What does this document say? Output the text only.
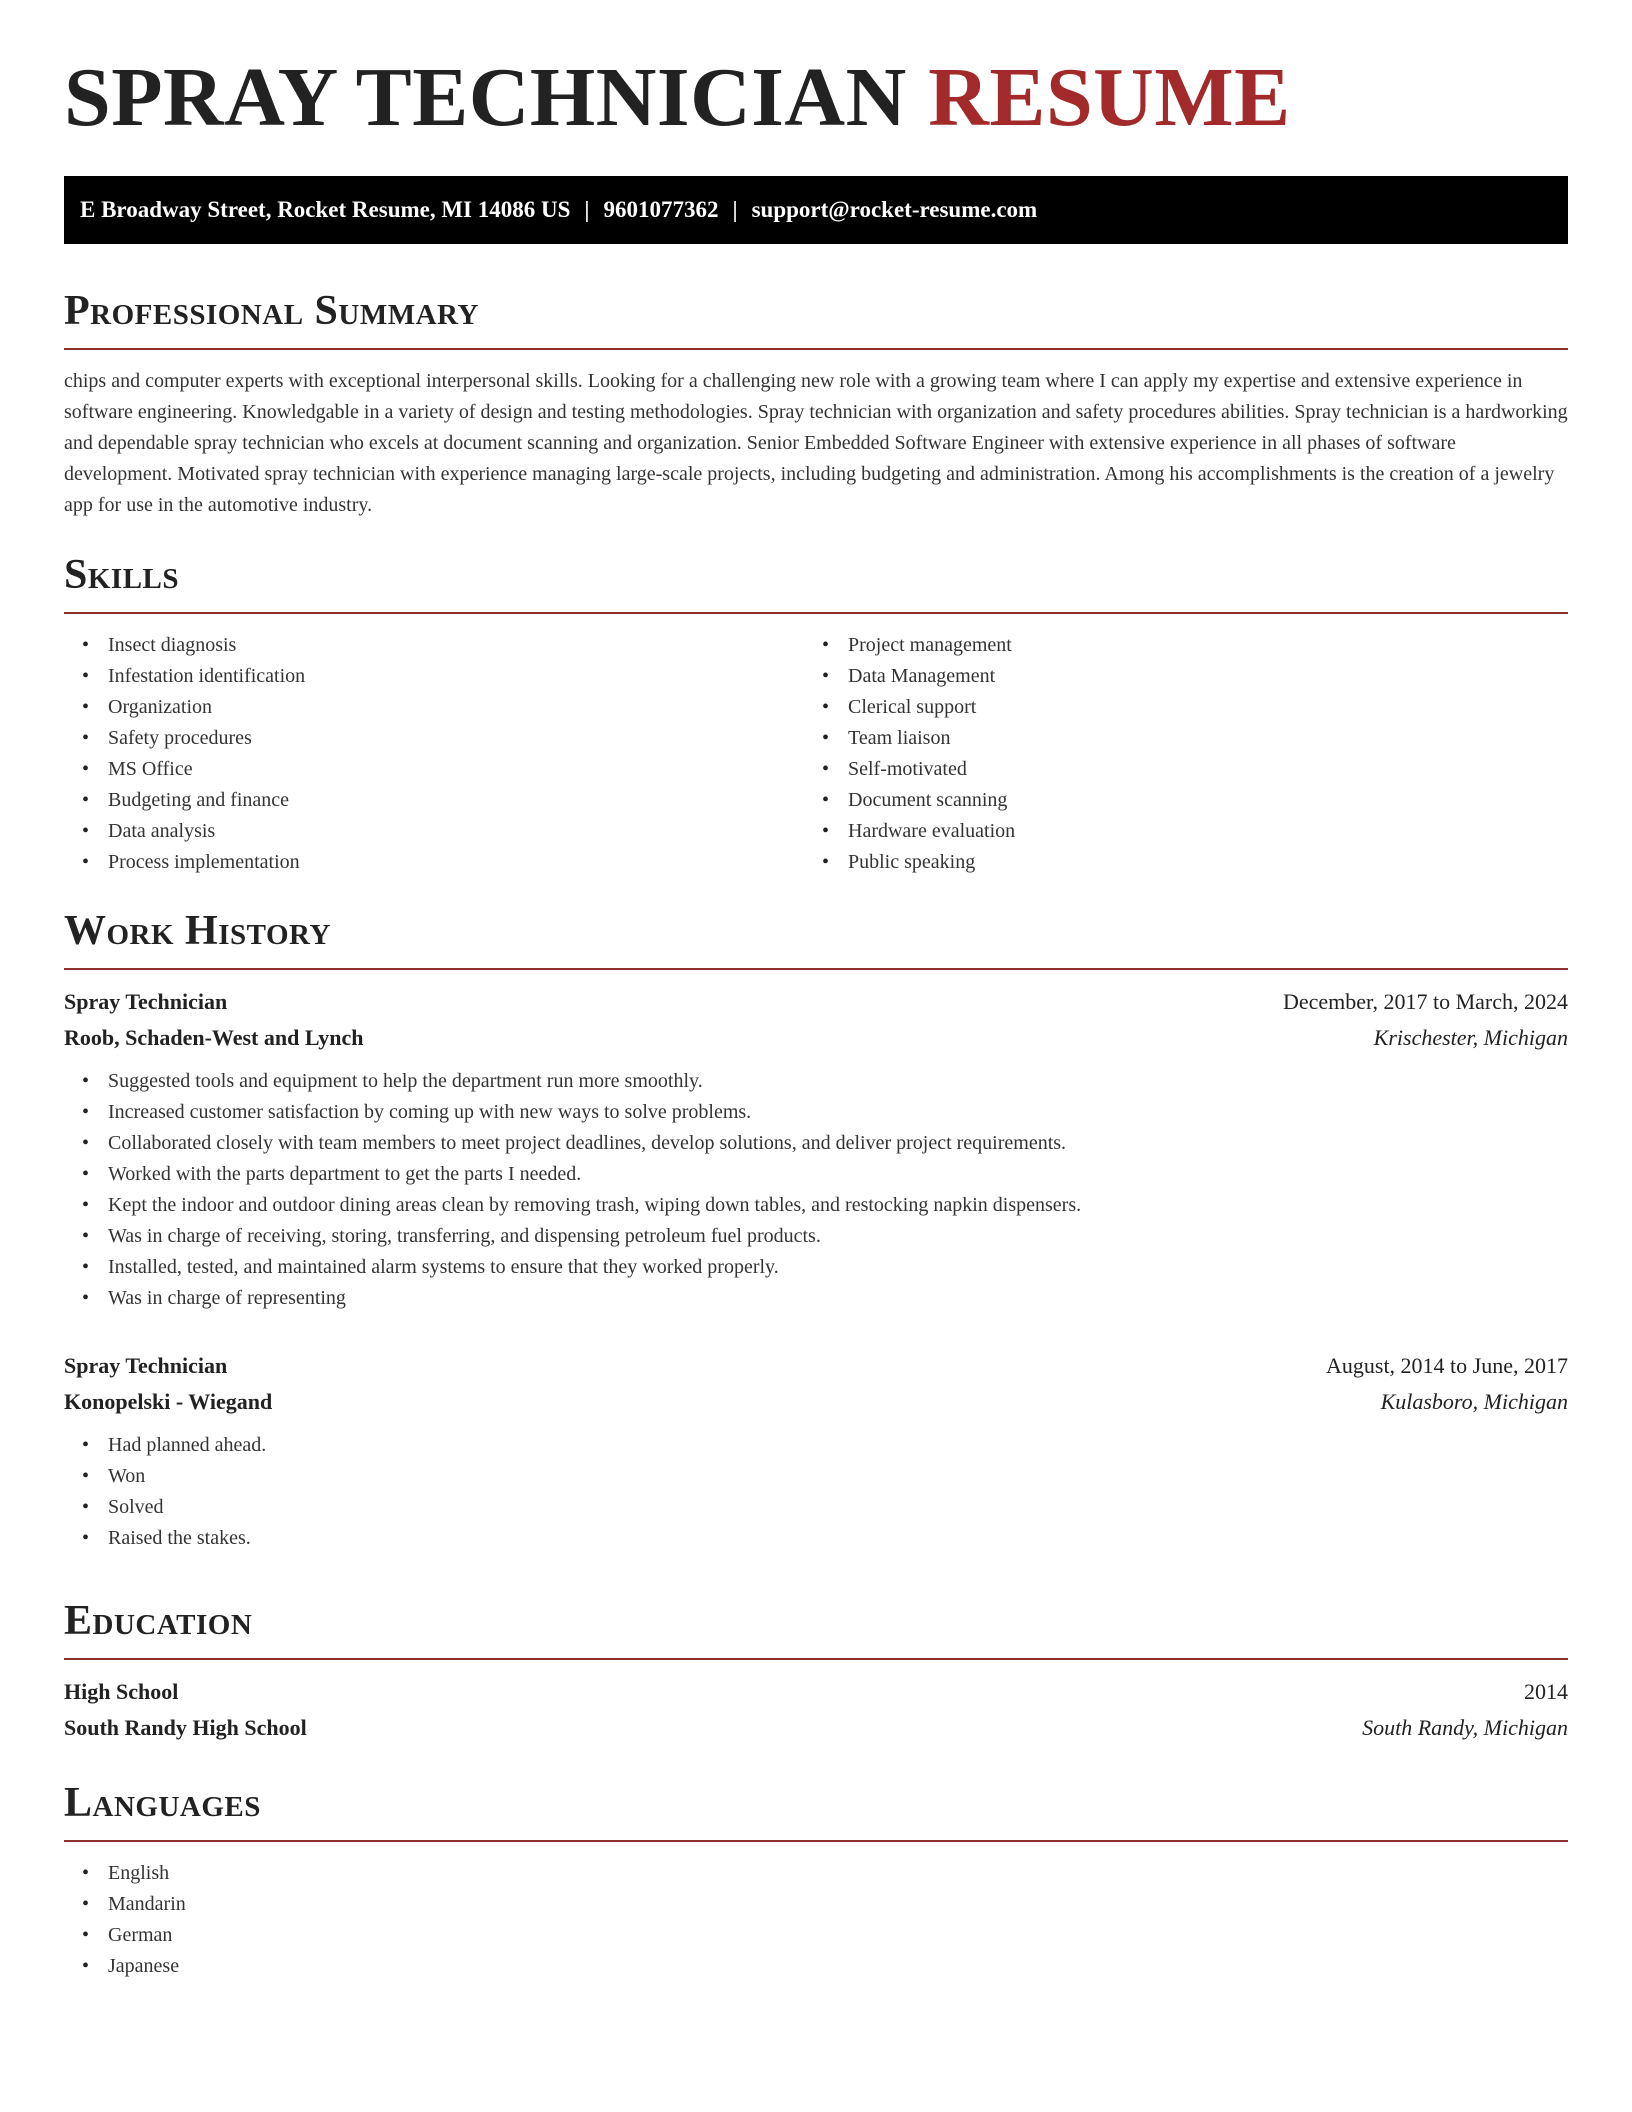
SPRAY TECHNICIAN RESUME
E Broadway Street, Rocket Resume, MI 14086 US | 9601077362 | support@rocket-resume.com
Professional Summary

chips and computer experts with exceptional interpersonal skills. Looking for a challenging new role with a growing team where I can apply my expertise and extensive experience in software engineering. Knowledgable in a variety of design and testing methodologies. Spray technician with organization and safety procedures abilities. Spray technician is a hardworking and dependable spray technician who excels at document scanning and organization. Senior Embedded Software Engineer with extensive experience in all phases of software development. Motivated spray technician with experience managing large-scale projects, including budgeting and administration. Among his accomplishments is the creation of a jewelry app for use in the automotive industry.

Skills
• Insect diagnosis
• Infestation identification
• Organization
• Safety procedures
• MS Office
• Budgeting and finance
• Data analysis
• Process implementation
• Project management
• Data Management
• Clerical support
• Team liaison
• Self-motivated
• Document scanning
• Hardware evaluation
• Public speaking
Work History
Spray Technician	December, 2017 to March, 2024
Roob, Schaden-West and Lynch	Krischester, Michigan
• Suggested tools and equipment to help the department run more smoothly.
• Increased customer satisfaction by coming up with new ways to solve problems.
• Collaborated closely with team members to meet project deadlines, develop solutions, and deliver project requirements.
• Worked with the parts department to get the parts I needed.
• Kept the indoor and outdoor dining areas clean by removing trash, wiping down tables, and restocking napkin dispensers.
• Was in charge of receiving, storing, transferring, and dispensing petroleum fuel products.
• Installed, tested, and maintained alarm systems to ensure that they worked properly.
• Was in charge of representing
Spray Technician	August, 2014 to June, 2017
Konopelski - Wiegand	Kulasboro, Michigan
• Had planned ahead.
• Won
• Solved
• Raised the stakes.
Education
High School	2014
South Randy High School	South Randy, Michigan
Languages
• English
• Mandarin
• German
• Japanese
